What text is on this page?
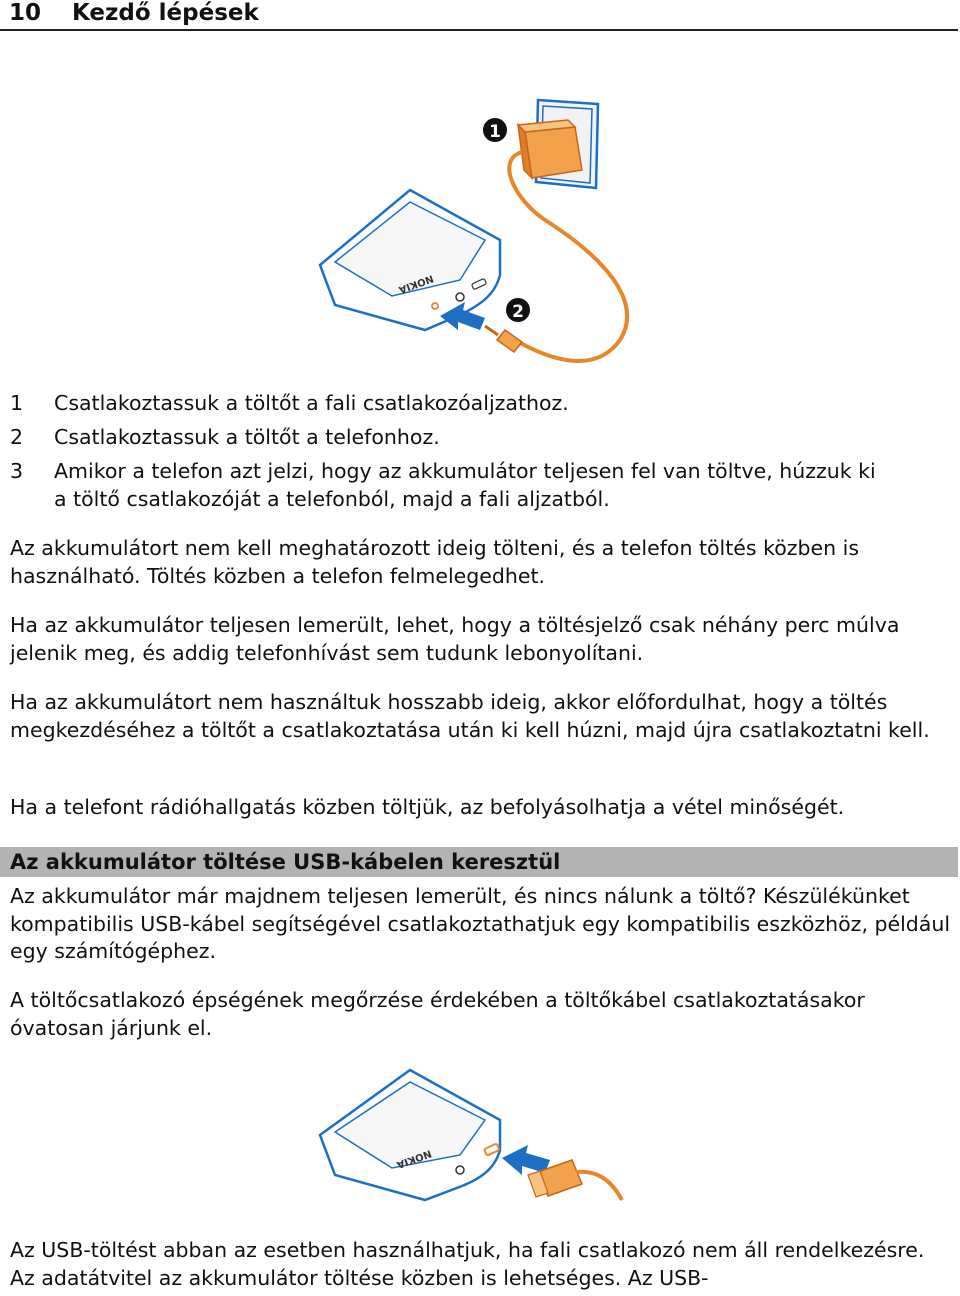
10 Kezdő lépések
NOKIA
1
2
1 Csatlakoztassuk a töltőt a fali csatlakozóaljzathoz.
2 Csatlakoztassuk a töltőt a telefonhoz.
3 Amikor a telefon azt jelzi, hogy az akkumulátor teljesen fel van töltve, húzzuk ki
a töltő csatlakozóját a telefonból, majd a fali aljzatból.

Az akkumulátort nem kell meghatározott ideig tölteni, és a telefon töltés közben is használható. Töltés közben a telefon felmelegedhet.

Ha az akkumulátor teljesen lemerült, lehet, hogy a töltésjelző csak néhány perc múlva jelenik meg, és addig telefonhívást sem tudunk lebonyolítani.

Ha az akkumulátort nem használtuk hosszabb ideig, akkor előfordulhat, hogy a töltés megkezdéséhez a töltőt a csatlakoztatása után ki kell húzni, majd újra csatlakoztatni kell.

Ha a telefont rádióhallgatás közben töltjük, az befolyásolhatja a vétel minőségét.

Az akkumulátor töltése USB-kábelen keresztül

Az akkumulátor már majdnem teljesen lemerült, és nincs nálunk a töltő? Készülékünket kompatibilis USB-kábel segítségével csatlakoztathatjuk egy kompatibilis eszközhöz, például egy számítógéphez.

A töltőcsatlakozó épségének megőrzése érdekében a töltőkábel csatlakoztatásakor óvatosan járjunk el.

NOKIA

Az USB-töltést abban az esetben használhatjuk, ha fali csatlakozó nem áll rendelkezésre. Az adatátvitel az akkumulátor töltése közben is lehetséges. Az USB-
